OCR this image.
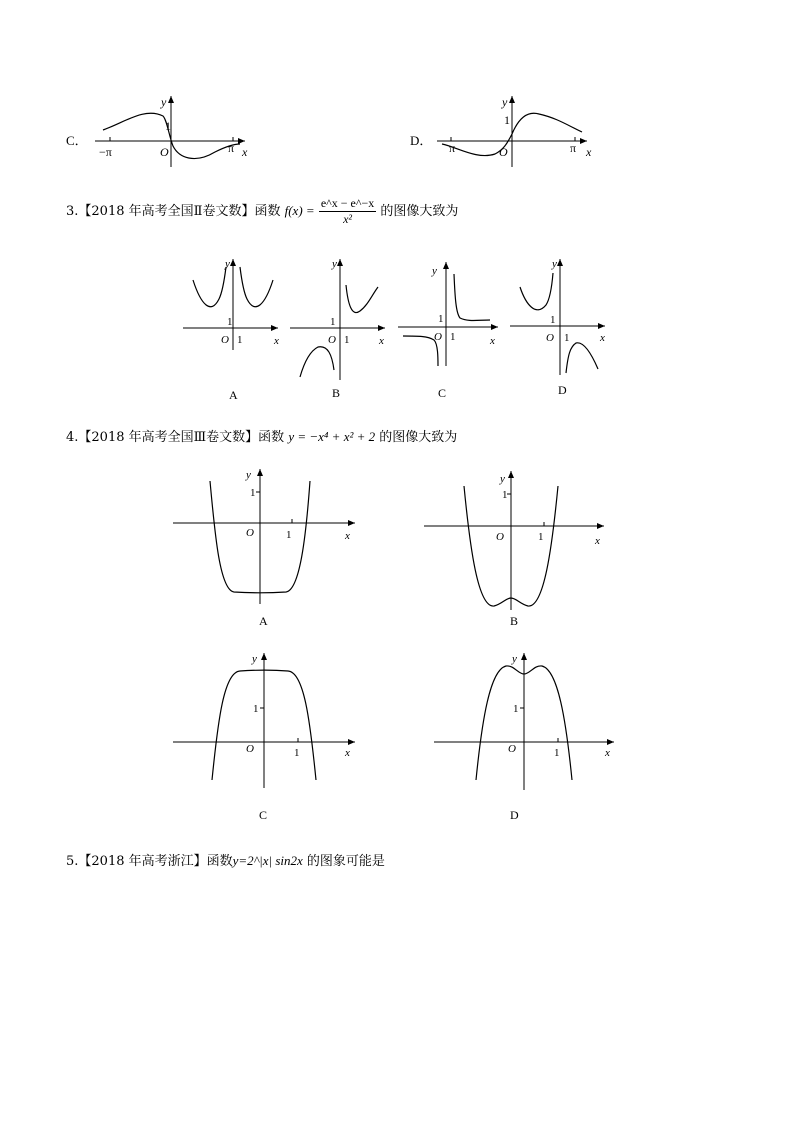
C．
y
1
O
−π	π x
D．
y
1
O
π	π x
3.【2018 年高考全国Ⅱ卷文数】函数 $f(x) = \frac{e\^{}x - e\^{}-x}{\text{x²}}$ 的图像大致为
y
1
O 1	x
A
y
1
O 1	x
B
y
1
O 1	x
C
y
1
O 1	x
D
4.【2018 年高考全国Ⅲ卷文数】函数 y = −x⁴ + x² + 2 的图像大致为
y
1
O	1	x
A
y
1
O	1	x
B
y
1
O	1	x
C
y
1
O	1	x
D
5.【2018 年高考浙江】函数y=2^|x| sin2x 的图象可能是
